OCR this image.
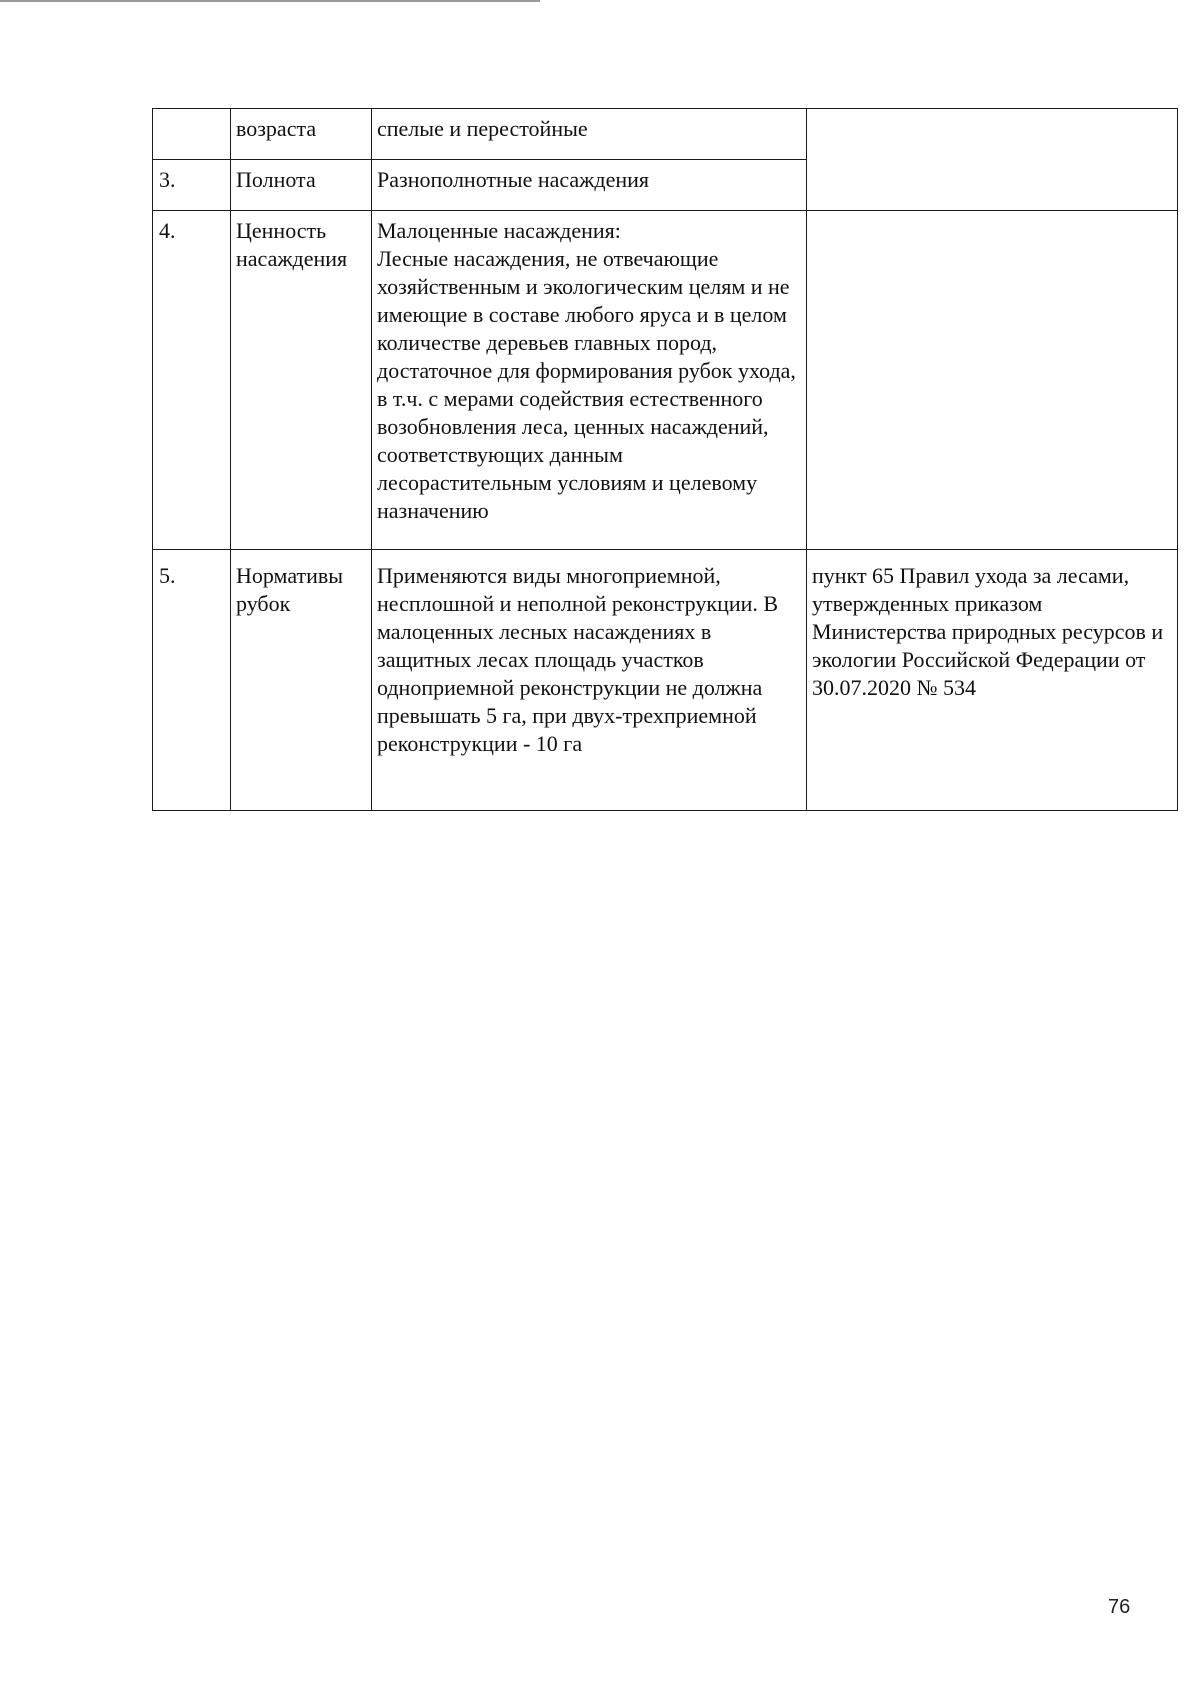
	возраста	спелые и перестойные	
3.	Полнота	Разнополнотные насаждения	
4.	Ценность насаждения	Малоценные насаждения:
Лесные насаждения, не отвечающие хозяйственным и экологическим целям и не имеющие в составе любого яруса и в целом количестве деревьев главных пород, достаточное для формирования рубок ухода, в т.ч. с мерами содействия естественного возобновления леса, ценных насаждений, соответствующих данным лесорастительным условиям и целевому назначению	

5.	Нормативы рубок	Применяются виды многоприемной, несплошной и неполной реконструкции. В малоценных лесных насаждениях в защитных лесах площадь участков одноприемной реконструкции не должна превышать 5 га, при двух-трехприемной реконструкции - 10 га	пункт 65 Правил ухода за лесами, утвержденных приказом Министерства природных ресурсов и экологии Российской Федерации от 30.07.2020 № 534
76
